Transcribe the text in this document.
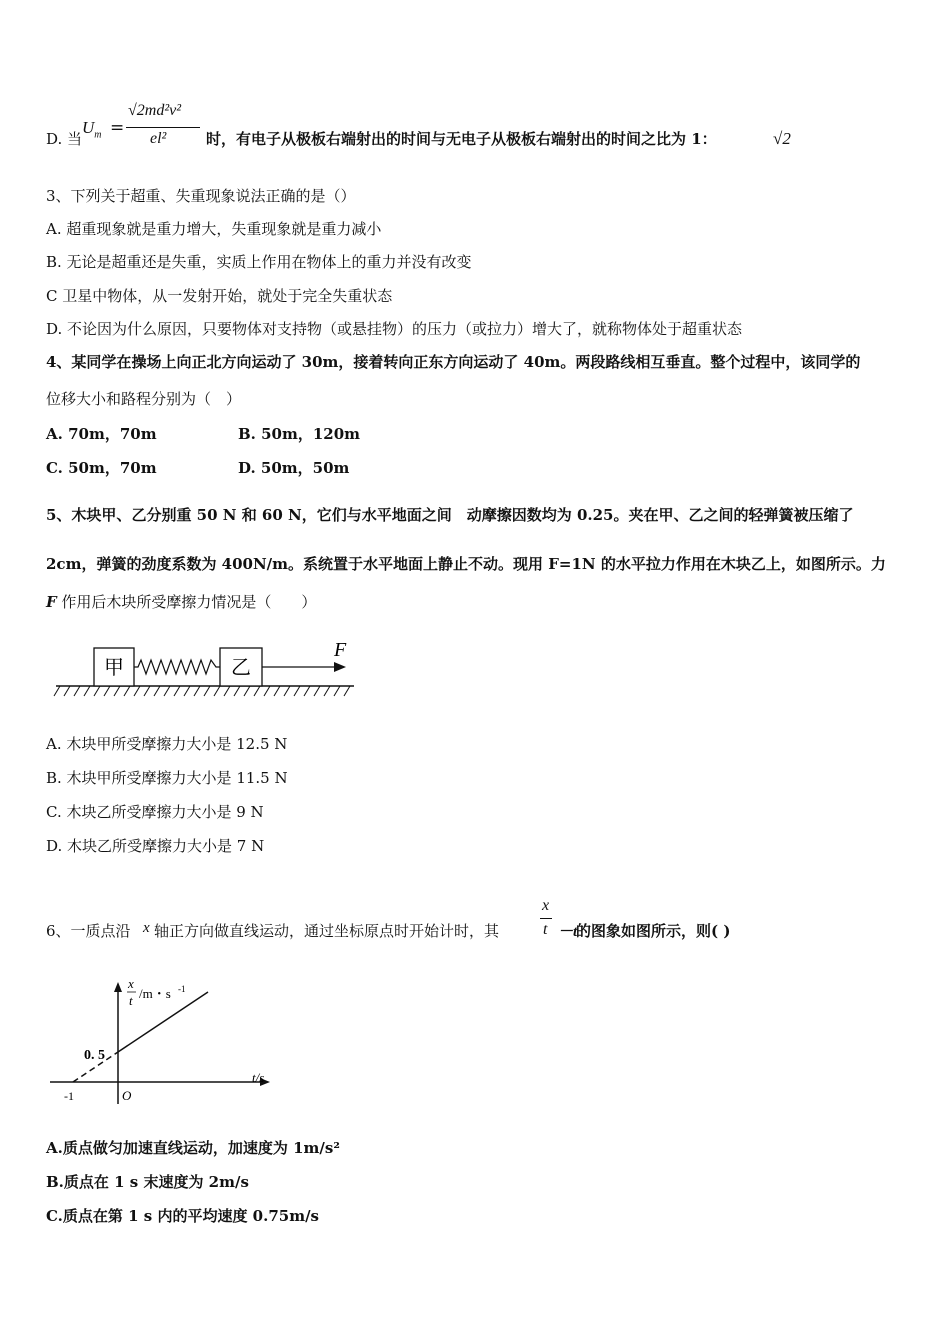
D. 当
$U_m$ =
√2md²v²
el²	时，有电子从极板右端射出的时间与无电子从极板右端射出的时间之比为 1：	√2
3、下列关于超重、失重现象说法正确的是（）
A. 超重现象就是重力增大，失重现象就是重力减小
B. 无论是超重还是失重，实质上作用在物体上的重力并没有改变
C 卫星中物体，从一发射开始，就处于完全失重状态
D. 不论因为什么原因，只要物体对支持物（或悬挂物）的压力（或拉力）增大了，就称物体处于超重状态
4、某同学在操场上向正北方向运动了 30m，接着转向正东方向运动了 40m。两段路线相互垂直。整个过程中，该同学的
位移大小和路程分别为（　）
A. 70m，70m	B. 50m，120m
C. 50m，70m	D. 50m，50m
5、木块甲、乙分别重 50 N 和 60 N，它们与水平地面之间　动摩擦因数均为 0.25。夹在甲、乙之间的轻弹簧被压缩了
2cm，弹簧的劲度系数为 400N/m。系统置于水平地面上静止不动。现用 F=1N 的水平拉力作用在木块乙上，如图所示。力
F 作用后木块所受摩擦力情况是（　　）
甲	乙
F
A. 木块甲所受摩擦力大小是 12.5 N
B. 木块甲所受摩擦力大小是 11.5 N
C. 木块乙所受摩擦力大小是 9 N
D. 木块乙所受摩擦力大小是 7 N
6、一质点沿 x 轴正方向做直线运动，通过坐标原点时开始计时，其
x
t －t
的图象如图所示，则( )
x
t /m・s -1
t/s
0. 5
-1	O
A.质点做匀加速直线运动，加速度为 1m/s²
B.质点在 1 s 末速度为 2m/s
C.质点在第 1 s 内的平均速度 0.75m/s
